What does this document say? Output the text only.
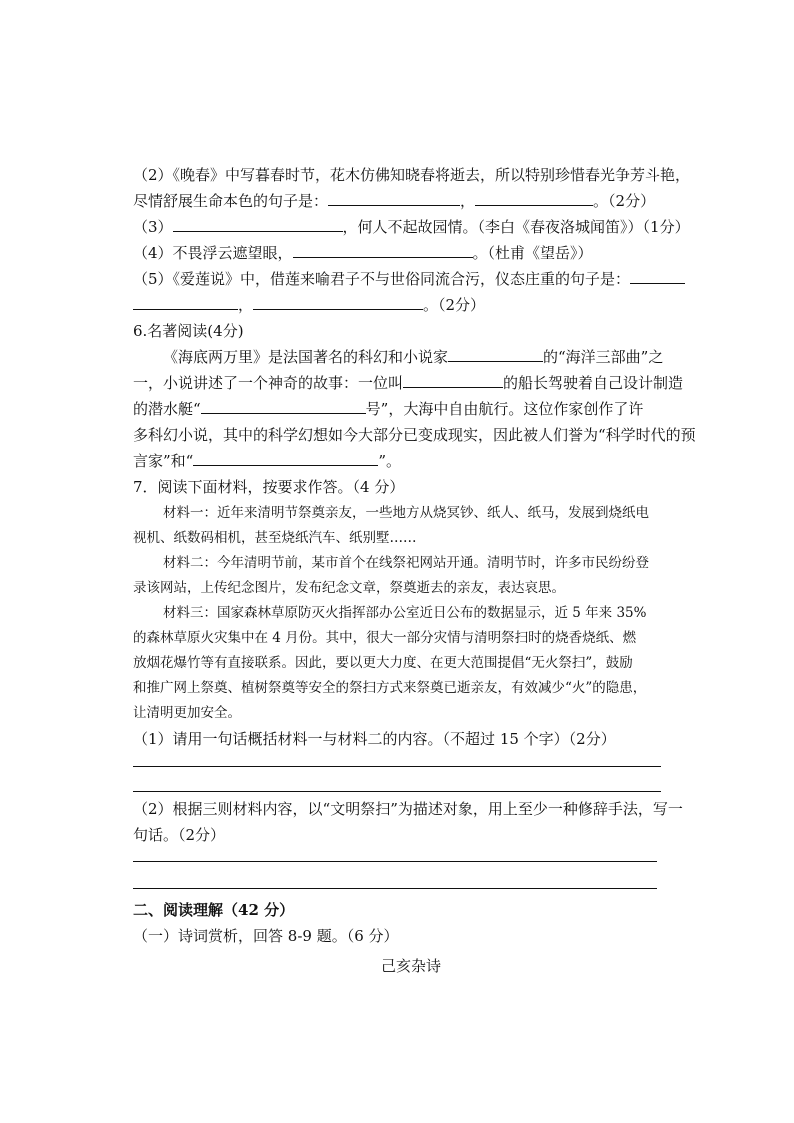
（2）《晚春》中写暮春时节，花木仿佛知晓春将逝去，所以特别珍惜春光争芳斗艳，
尽情舒展生命本色的句子是：	，	。（2分）
（3）	，何人不起故园情。（李白《春夜洛城闻笛》）（1分）
（4）不畏浮云遮望眼，	。（杜甫《望岳》）
（5）《爱莲说》中，借莲来喻君子不与世俗同流合污，仪态庄重的句子是：
，	。（2分）
6.名著阅读(4分)
《海底两万里》是法国著名的科幻和小说家	的“海洋三部曲”之
一，小说讲述了一个神奇的故事：一位叫	的船长驾驶着自己设计制造
的潜水艇“	号”，大海中自由航行。这位作家创作了许
多科幻小说，其中的科学幻想如今大部分已变成现实，因此被人们誉为“科学时代的预
言家”和“	”。
7．阅读下面材料，按要求作答。（4 分）
材料一：近年来清明节祭奠亲友，一些地方从烧冥钞、纸人、纸马，发展到烧纸电
视机、纸数码相机，甚至烧纸汽车、纸别墅……
材料二：今年清明节前，某市首个在线祭祀网站开通。清明节时，许多市民纷纷登
录该网站，上传纪念图片，发布纪念文章，祭奠逝去的亲友，表达哀思。
材料三：国家森林草原防灭火指挥部办公室近日公布的数据显示，近 5 年来 35%
的森林草原火灾集中在 4 月份。其中，很大一部分灾情与清明祭扫时的烧香烧纸、燃
放烟花爆竹等有直接联系。因此，要以更大力度、在更大范围提倡“无火祭扫”，鼓励
和推广网上祭奠、植树祭奠等安全的祭扫方式来祭奠已逝亲友，有效减少“火”的隐患，
让清明更加安全。
（1）请用一句话概括材料一与材料二的内容。（不超过 15 个字）（2分）
（2）根据三则材料内容，以“文明祭扫”为描述对象，用上至少一种修辞手法，写一
句话。（2分）
二、阅读理解（42 分）
（一）诗词赏析，回答 8-9 题。（6 分）
己亥杂诗
